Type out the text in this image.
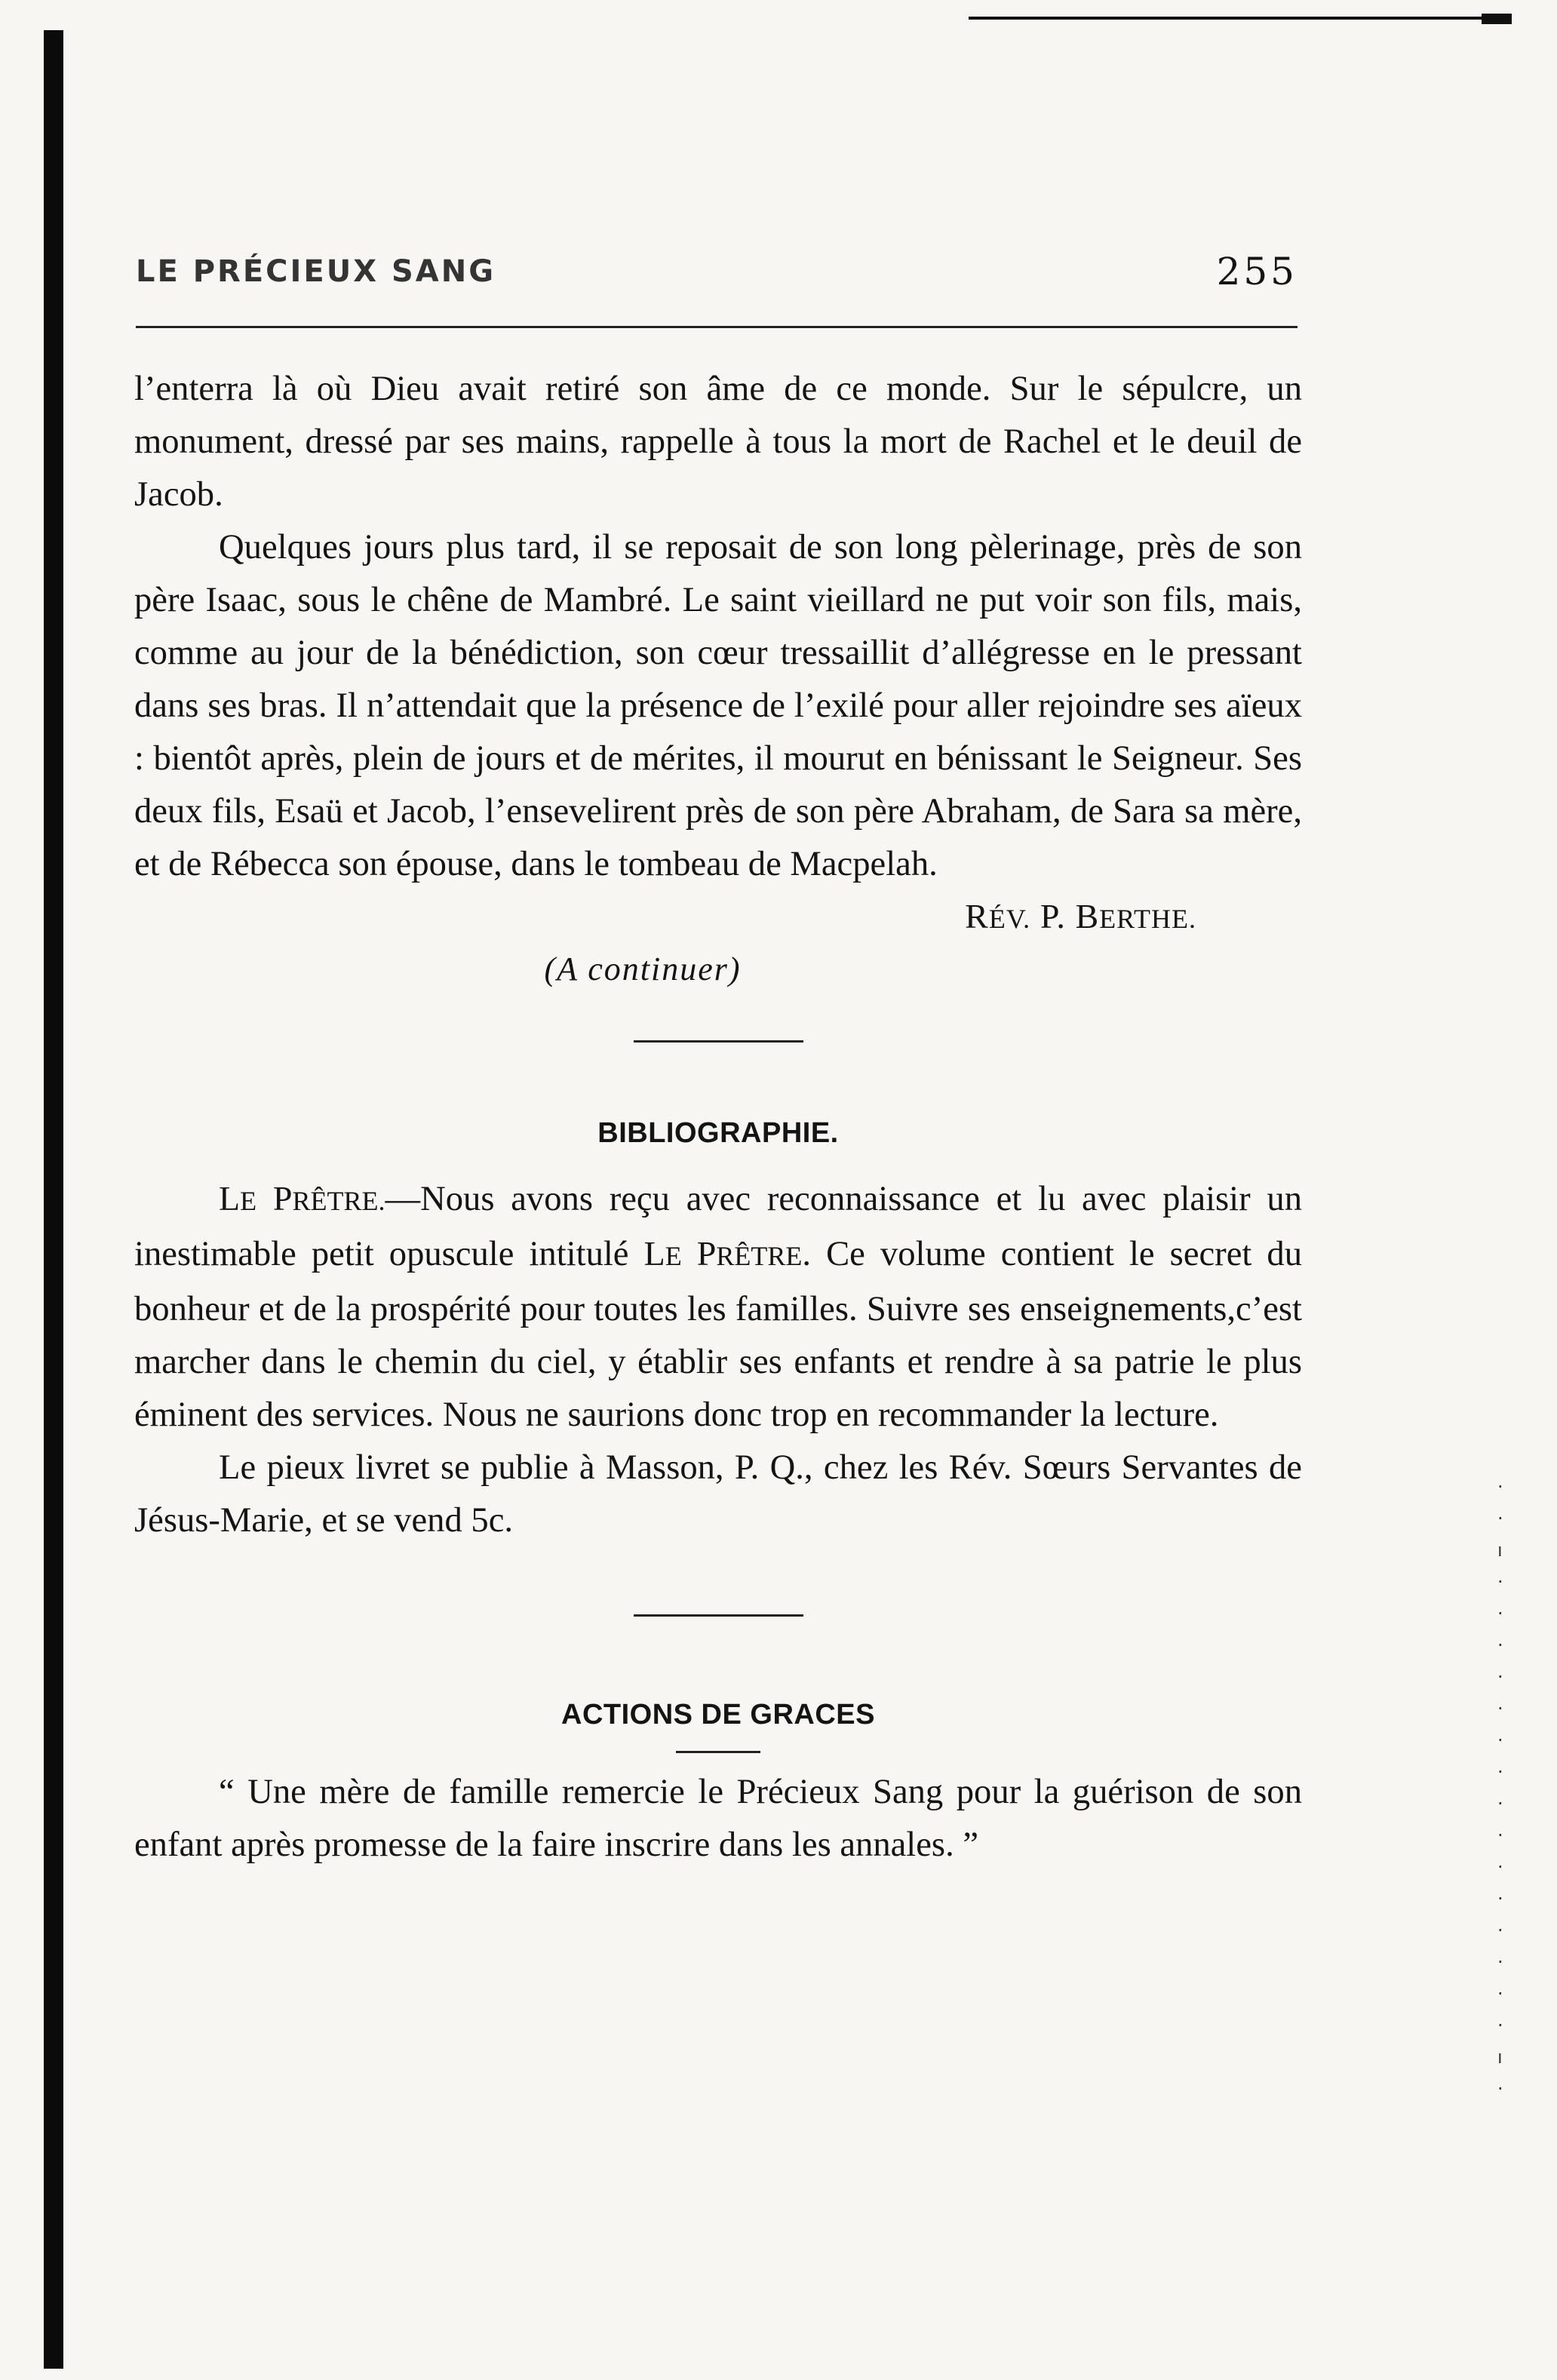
LE PRÉCIEUX SANG	255

l’enterra là où Dieu avait retiré son âme de ce monde. Sur le sépulcre, un monument, dressé par ses mains, rappelle à tous la mort de Rachel et le deuil de Jacob.

Quelques jours plus tard, il se reposait de son long pèlerinage, près de son père Isaac, sous le chêne de Mambré. Le saint vieillard ne put voir son fils, mais, comme au jour de la bénédiction, son cœur tressaillit d’allégresse en le pressant dans ses bras. Il n’attendait que la présence de l’exilé pour aller rejoindre ses aïeux : bientôt après, plein de jours et de mérites, il mourut en bénissant le Seigneur. Ses deux fils, Esaü et Jacob, l’ensevelirent près de son père Abraham, de Sara sa mère, et de Rébecca son épouse, dans le tombeau de Macpelah.

RÉV. P. BERTHE.
(A continuer)
BIBLIOGRAPHIE.

LE PRÊTRE.—Nous avons reçu avec reconnaissance et lu avec plaisir un inestimable petit opuscule intitulé LE PRÊTRE. Ce volume contient le secret du bonheur et de la prospérité pour toutes les familles. Suivre ses enseignements,c’est marcher dans le chemin du ciel, y établir ses enfants et rendre à sa patrie le plus éminent des services. Nous ne saurions donc trop en recommander la lecture.

Le pieux livret se publie à Masson, P. Q., chez les Rév. Sœurs Servantes de Jésus-Marie, et se vend 5c.

ACTIONS DE GRACES

“ Une mère de famille remercie le Précieux Sang pour la guérison de son enfant après promesse de la faire inscrire dans les annales. ”

·
·
ı
·
·
·
·
·
·
·
·
·
·
·
·
·
·
·
ı
·
